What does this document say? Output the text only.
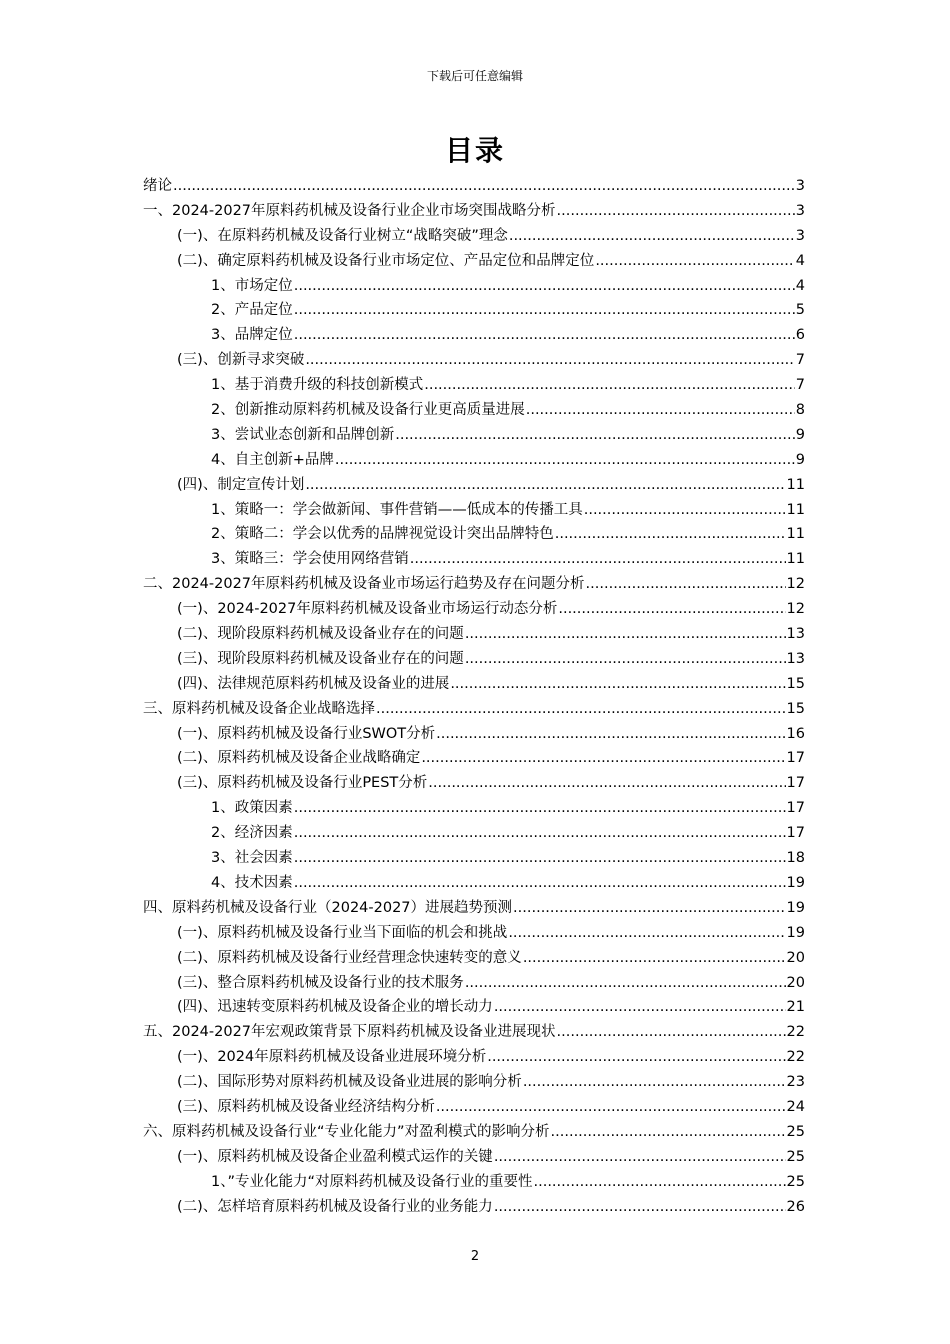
下载后可任意编辑
目录
绪论 .....	3
一、2024-2027年原料药机械及设备行业企业市场突围战略分析 .....	3
(一)、在原料药机械及设备行业树立“战略突破”理念 .....	3
(二)、确定原料药机械及设备行业市场定位、产品定位和品牌定位 .....	4
1、市场定位 .....	4
2、产品定位 .....	5
3、品牌定位 .....	6
(三)、创新寻求突破 .....	7
1、基于消费升级的科技创新模式 .....	7
2、创新推动原料药机械及设备行业更高质量进展 .....	8
3、尝试业态创新和品牌创新 .....	9
4、自主创新+品牌 .....	9
(四)、制定宣传计划 .....	11
1、策略一：学会做新闻、事件营销——低成本的传播工具 .....	11
2、策略二：学会以优秀的品牌视觉设计突出品牌特色 .....	11
3、策略三：学会使用网络营销 .....	11
二、2024-2027年原料药机械及设备业市场运行趋势及存在问题分析 .....	12
(一)、2024-2027年原料药机械及设备业市场运行动态分析 .....	12
(二)、现阶段原料药机械及设备业存在的问题 .....	13
(三)、现阶段原料药机械及设备业存在的问题 .....	13
(四)、法律规范原料药机械及设备业的进展 .....	15
三、原料药机械及设备企业战略选择 .....	15
(一)、原料药机械及设备行业SWOT分析 .....	16
(二)、原料药机械及设备企业战略确定 .....	17
(三)、原料药机械及设备行业PEST分析 .....	17
1、政策因素 .....	17
2、经济因素 .....	17
3、社会因素 .....	18
4、技术因素 .....	19
四、原料药机械及设备行业（2024-2027）进展趋势预测 .....	19
(一)、原料药机械及设备行业当下面临的机会和挑战 .....	19
(二)、原料药机械及设备行业经营理念快速转变的意义 .....	20
(三)、整合原料药机械及设备行业的技术服务 .....	20
(四)、迅速转变原料药机械及设备企业的增长动力 .....	21
五、2024-2027年宏观政策背景下原料药机械及设备业进展现状 .....	22
(一)、2024年原料药机械及设备业进展环境分析 .....	22
(二)、国际形势对原料药机械及设备业进展的影响分析 .....	23
(三)、原料药机械及设备业经济结构分析 .....	24
六、原料药机械及设备行业“专业化能力”对盈利模式的影响分析 .....	25
(一)、原料药机械及设备企业盈利模式运作的关键 .....	25
1、”专业化能力“对原料药机械及设备行业的重要性 .....	25
(二)、怎样培育原料药机械及设备行业的业务能力 .....	26
2
